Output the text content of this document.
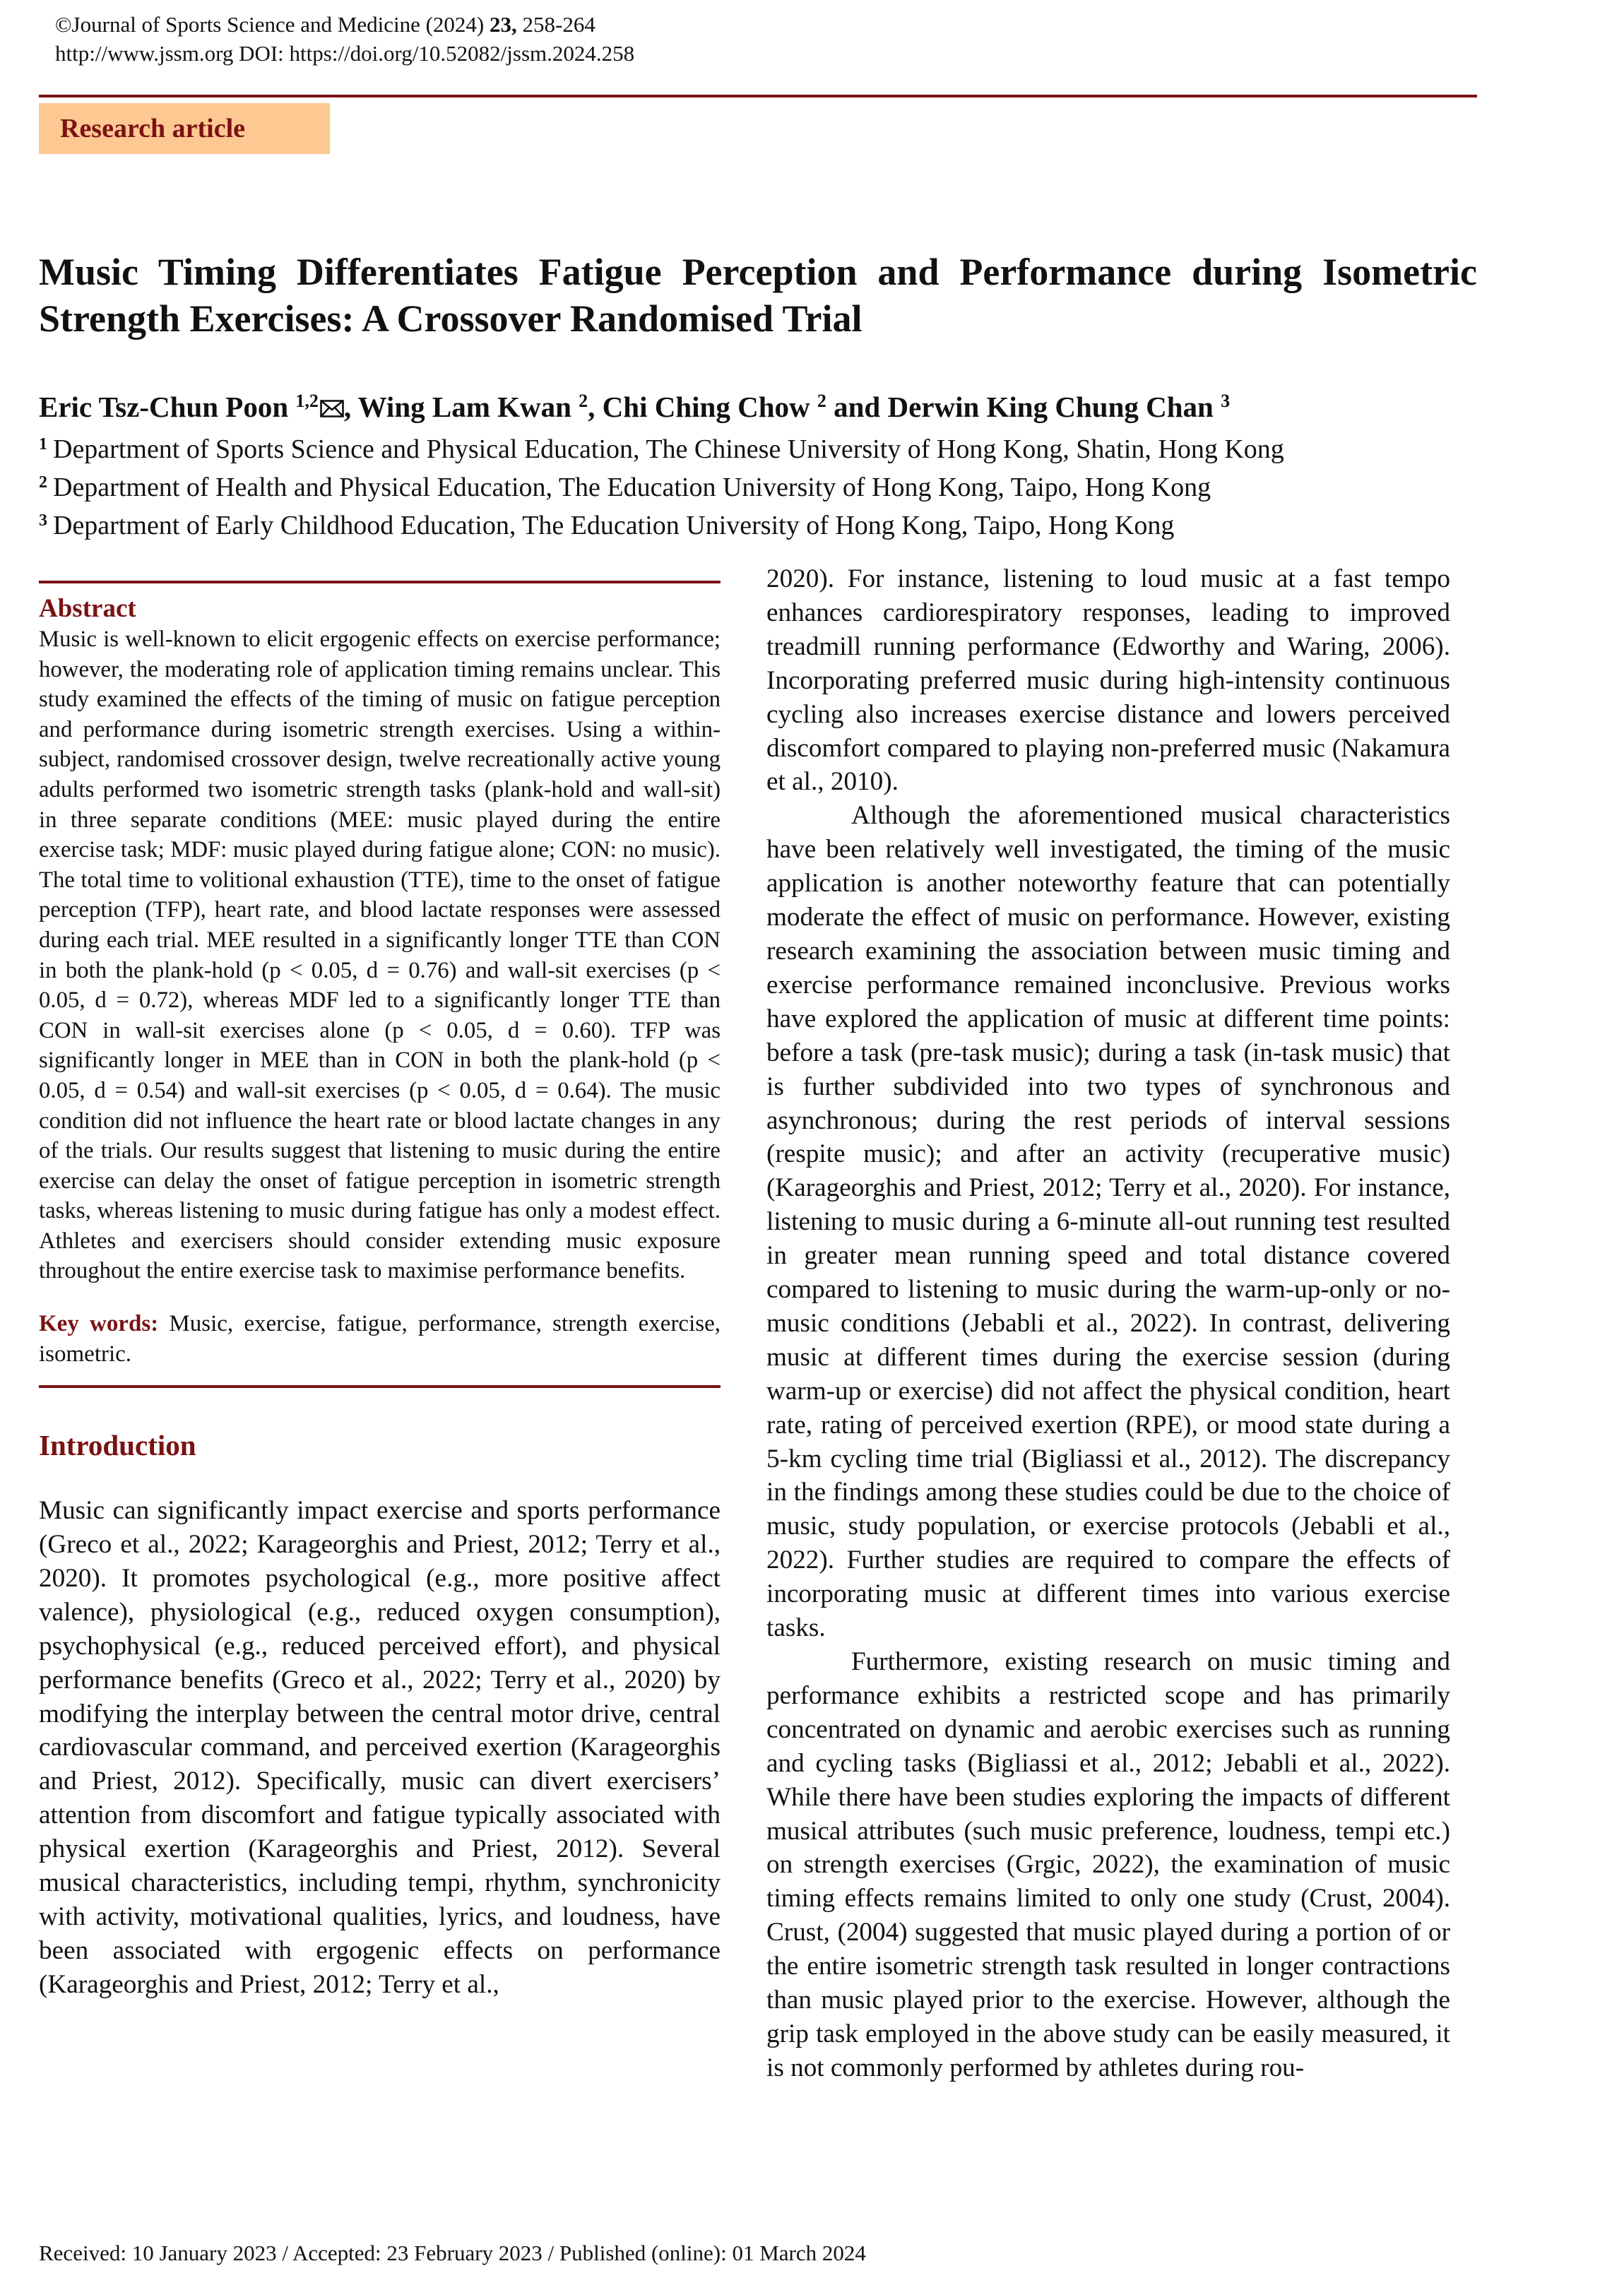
©Journal of Sports Science and Medicine (2024) 23, 258-264
http://www.jssm.org DOI: https://doi.org/10.52082/jssm.2024.258
Research article
Music Timing Differentiates Fatigue Perception and Performance during Isometric Strength Exercises: A Crossover Randomised Trial
Eric Tsz-Chun Poon $^{1,2}$ , Wing Lam Kwan $^2$, Chi Ching Chow $^2$ and Derwin King Chung Chan $^3$
$^1$ Department of Sports Science and Physical Education, The Chinese University of Hong Kong, Shatin, Hong Kong
$^2$ Department of Health and Physical Education, The Education University of Hong Kong, Taipo, Hong Kong
$^3$ Department of Early Childhood Education, The Education University of Hong Kong, Taipo, Hong Kong
Abstract

Music is well-known to elicit ergogenic effects on exercise performance; however, the moderating role of application timing remains unclear. This study examined the effects of the timing of music on fatigue perception and performance during isometric strength exercises. Using a within-subject, randomised crossover design, twelve recreationally active young adults performed two isometric strength tasks (plank-hold and wall-sit) in three separate conditions (MEE: music played during the entire exercise task; MDF: music played during fatigue alone; CON: no music). The total time to volitional exhaustion (TTE), time to the onset of fatigue perception (TFP), heart rate, and blood lactate responses were assessed during each trial. MEE resulted in a significantly longer TTE than CON in both the plank-hold (p < 0.05, d = 0.76) and wall-sit exercises (p < 0.05, d = 0.72), whereas MDF led to a significantly longer TTE than CON in wall-sit exercises alone (p < 0.05, d = 0.60). TFP was significantly longer in MEE than in CON in both the plank-hold (p < 0.05, d = 0.54) and wall-sit exercises (p < 0.05, d = 0.64). The music condition did not influence the heart rate or blood lactate changes in any of the trials. Our results suggest that listening to music during the entire exercise can delay the onset of fatigue perception in isometric strength tasks, whereas listening to music during fatigue has only a modest effect. Athletes and exercisers should consider extending music exposure throughout the entire exercise task to maximise performance benefits.

Key words: Music, exercise, fatigue, performance, strength exercise, isometric.

Introduction

Music can significantly impact exercise and sports performance (Greco et al., 2022; Karageorghis and Priest, 2012; Terry et al., 2020). It promotes psychological (e.g., more positive affect valence), physiological (e.g., reduced oxygen consumption), psychophysical (e.g., reduced perceived effort), and physical performance benefits (Greco et al., 2022; Terry et al., 2020) by modifying the interplay between the central motor drive, central cardiovascular command, and perceived exertion (Karageorghis and Priest, 2012). Specifically, music can divert exercisers’ attention from discomfort and fatigue typically associated with physical exertion (Karageorghis and Priest, 2012). Several musical characteristics, including tempi, rhythm, synchronicity with activity, motivational qualities, lyrics, and loudness, have been associated with ergogenic effects on performance (Karageorghis and Priest, 2012; Terry et al.,

2020). For instance, listening to loud music at a fast tempo enhances cardiorespiratory responses, leading to improved treadmill running performance (Edworthy and Waring, 2006). Incorporating preferred music during high-intensity continuous cycling also increases exercise distance and lowers perceived discomfort compared to playing non-preferred music (Nakamura et al., 2010).

Although the aforementioned musical characteristics have been relatively well investigated, the timing of the music application is another noteworthy feature that can potentially moderate the effect of music on performance. However, existing research examining the association between music timing and exercise performance remained inconclusive. Previous works have explored the application of music at different time points: before a task (pre-task music); during a task (in-task music) that is further subdivided into two types of synchronous and asynchronous; during the rest periods of interval sessions (respite music); and after an activity (recuperative music) (Karageorghis and Priest, 2012; Terry et al., 2020). For instance, listening to music during a 6-minute all-out running test resulted in greater mean running speed and total distance covered compared to listening to music during the warm-up-only or no-music conditions (Jebabli et al., 2022). In contrast, delivering music at different times during the exercise session (during warm-up or exercise) did not affect the physical condition, heart rate, rating of perceived exertion (RPE), or mood state during a 5-km cycling time trial (Bigliassi et al., 2012). The discrepancy in the findings among these studies could be due to the choice of music, study population, or exercise protocols (Jebabli et al., 2022). Further studies are required to compare the effects of incorporating music at different times into various exercise tasks.

Furthermore, existing research on music timing and performance exhibits a restricted scope and has primarily concentrated on dynamic and aerobic exercises such as running and cycling tasks (Bigliassi et al., 2012; Jebabli et al., 2022). While there have been studies exploring the impacts of different musical attributes (such music preference, loudness, tempi etc.) on strength exercises (Grgic, 2022), the examination of music timing effects remains limited to only one study (Crust, 2004). Crust, (2004) suggested that music played during a portion of or the entire isometric strength task resulted in longer contractions than music played prior to the exercise. However, although the grip task employed in the above study can be easily measured, it is not commonly performed by athletes during rou-

Received: 10 January 2023 / Accepted: 23 February 2023 / Published (online): 01 March 2024
